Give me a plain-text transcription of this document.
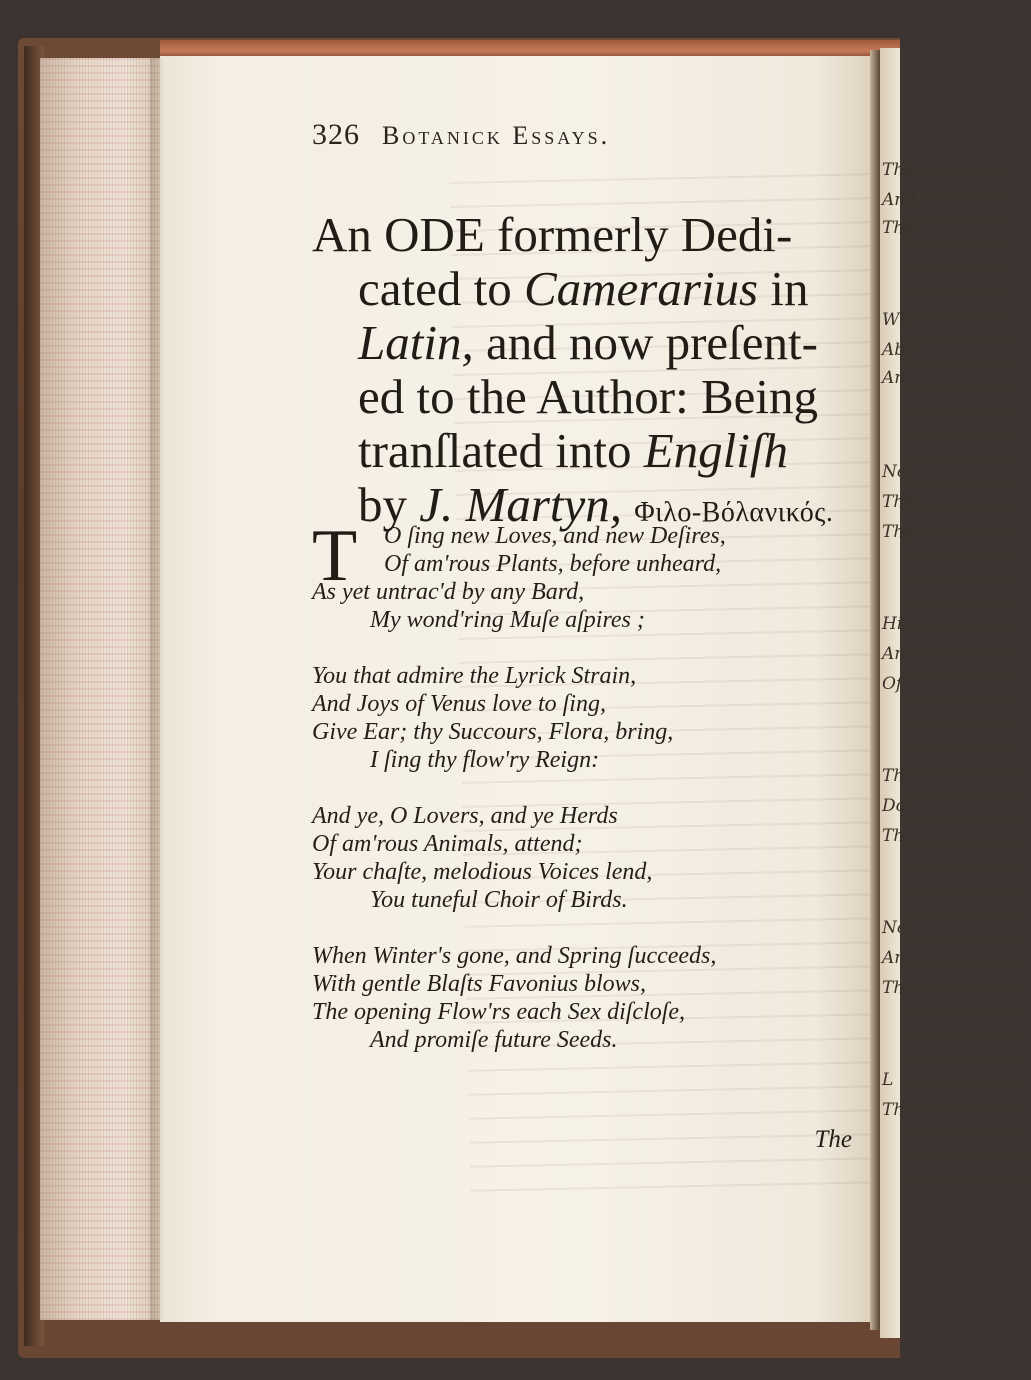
The
And
The
Wh
Abo
An
No
The
The
Hi
An
Of
Th
Do
Th
No
An
Th
L
Th
326 Botanick Essays.
An ODE formerly Dedi-
cated to Camerarius in
Latin, and now preſent-
ed to the Author: Being
tranſlated into Engliſh
by J. Martyn, Φιλο-Βόλανικός.
T	O ſing new Loves, and new Deſires,
Of am'rous Plants, before unheard,
As yet untrac'd by any Bard,
My wond'ring Muſe aſpires ;
You that admire the Lyrick Strain,
And Joys of Venus love to ſing,
Give Ear; thy Succours, Flora, bring,
I ſing thy flow'ry Reign:
And ye, O Lovers, and ye Herds
Of am'rous Animals, attend;
Your chaſte, melodious Voices lend,
You tuneful Choir of Birds.
When Winter's gone, and Spring ſucceeds,
With gentle Blaſts Favonius blows,
The opening Flow'rs each Sex diſcloſe,
And promiſe future Seeds.
The
